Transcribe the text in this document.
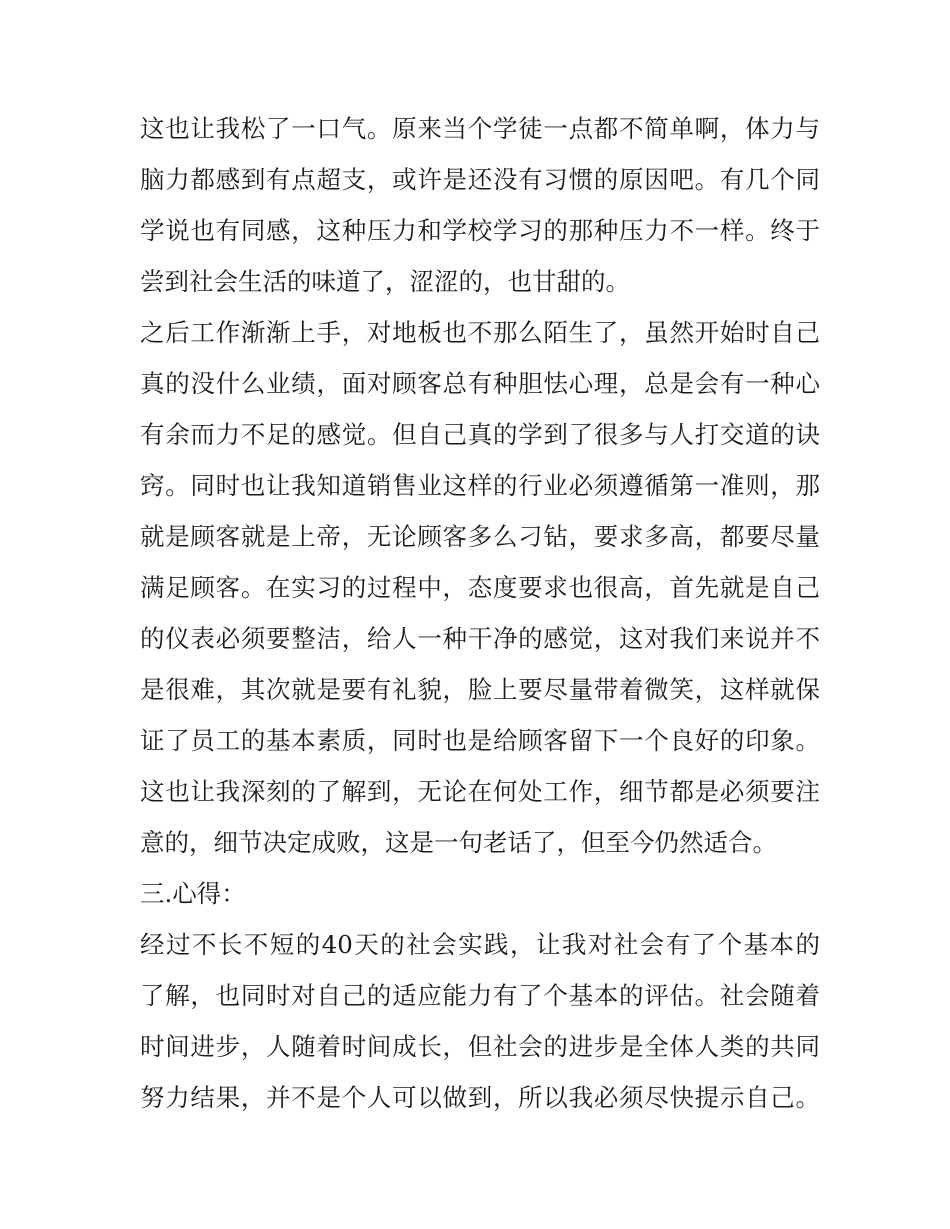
这也让我松了一口气。原来当个学徒一点都不简单啊，体力与
脑力都感到有点超支，或许是还没有习惯的原因吧。有几个同
学说也有同感，这种压力和学校学习的那种压力不一样。终于
尝到社会生活的味道了，涩涩的，也甘甜的。
之后工作渐渐上手，对地板也不那么陌生了，虽然开始时自己
真的没什么业绩，面对顾客总有种胆怯心理，总是会有一种心
有余而力不足的感觉。但自己真的学到了很多与人打交道的诀
窍。同时也让我知道销售业这样的行业必须遵循第一准则，那
就是顾客就是上帝，无论顾客多么刁钻，要求多高，都要尽量
满足顾客。在实习的过程中，态度要求也很高，首先就是自己
的仪表必须要整洁，给人一种干净的感觉，这对我们来说并不
是很难，其次就是要有礼貌，脸上要尽量带着微笑，这样就保
证了员工的基本素质，同时也是给顾客留下一个良好的印象。
这也让我深刻的了解到，无论在何处工作，细节都是必须要注
意的，细节决定成败，这是一句老话了，但至今仍然适合。
三.心得：
经过不长不短的40天的社会实践，让我对社会有了个基本的
了解，也同时对自己的适应能力有了个基本的评估。社会随着
时间进步，人随着时间成长，但社会的进步是全体人类的共同
努力结果，并不是个人可以做到，所以我必须尽快提示自己。
